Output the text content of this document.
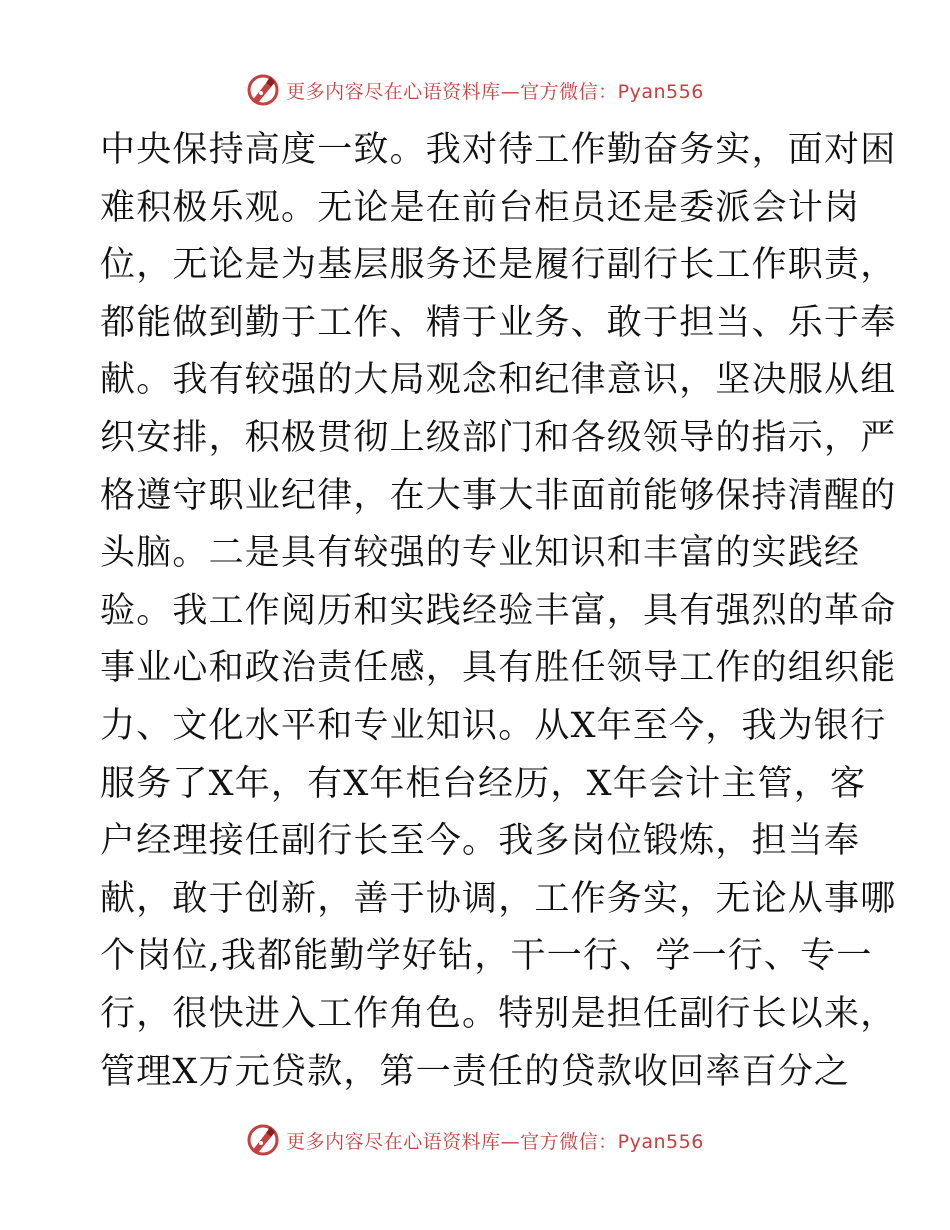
更多内容尽在心语资料库—官方微信：Pyan556
中央保持高度一致。我对待工作勤奋务实，面对困
难积极乐观。无论是在前台柜员还是委派会计岗
位，无论是为基层服务还是履行副行长工作职责，
都能做到勤于工作、精于业务、敢于担当、乐于奉
献。我有较强的大局观念和纪律意识，坚决服从组
织安排，积极贯彻上级部门和各级领导的指示，严
格遵守职业纪律，在大事大非面前能够保持清醒的
头脑。二是具有较强的专业知识和丰富的实践经
验。我工作阅历和实践经验丰富，具有强烈的革命
事业心和政治责任感，具有胜任领导工作的组织能
力、文化水平和专业知识。从X年至今，我为银行
服务了X年，有X年柜台经历，X年会计主管，客
户经理接任副行长至今。我多岗位锻炼，担当奉
献，敢于创新，善于协调，工作务实，无论从事哪
个岗位,我都能勤学好钻，干一行、学一行、专一
行，很快进入工作角色。特别是担任副行长以来，
管理X万元贷款，第一责任的贷款收回率百分之
更多内容尽在心语资料库—官方微信：Pyan556
